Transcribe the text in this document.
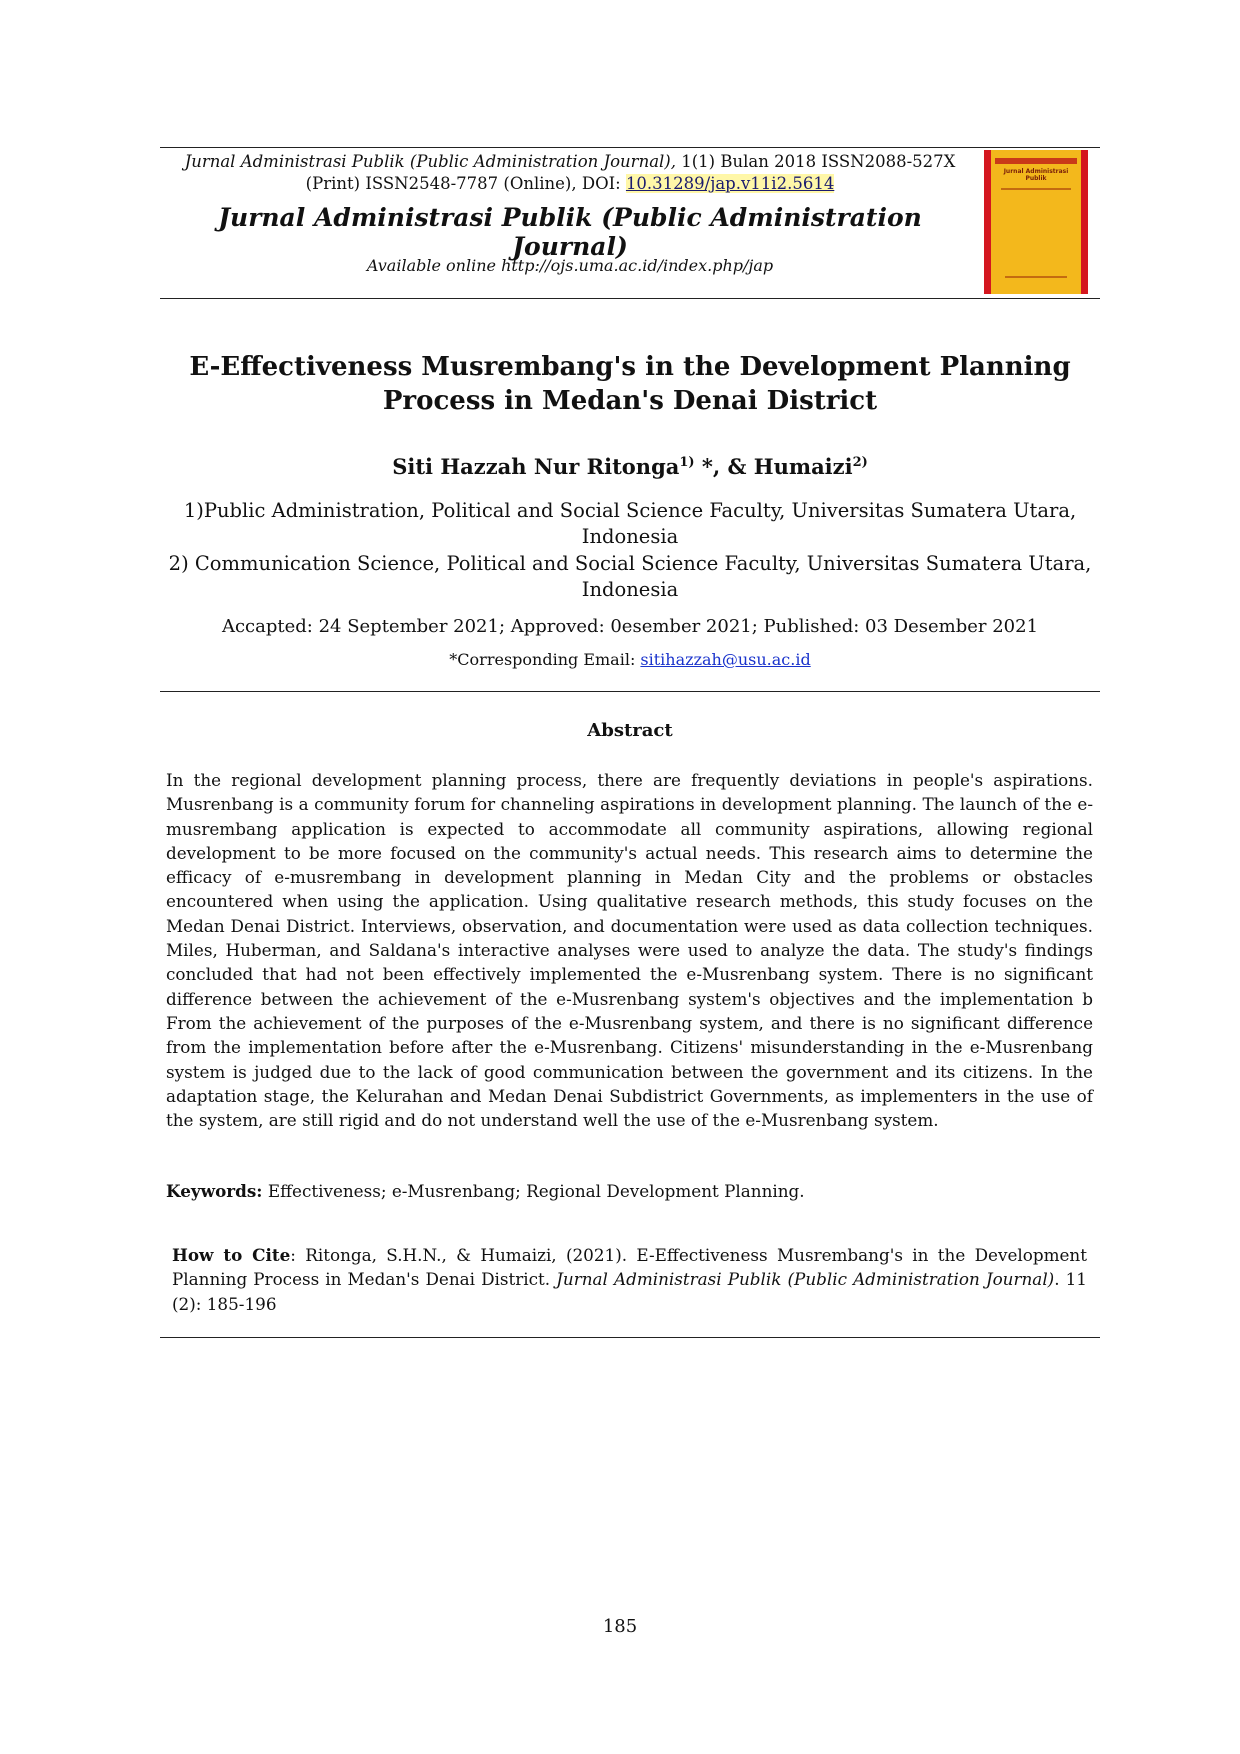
Jurnal Administrasi Publik (Public Administration Journal), 1(1) Bulan 2018 ISSN2088-527X (Print) ISSN2548-7787 (Online), DOI: 10.31289/jap.v11i2.5614
Jurnal Administrasi Publik (Public Administration Journal)
Available online http://ojs.uma.ac.id/index.php/jap
Jurnal Administrasi Publik
E-Effectiveness Musrembang's in the Development Planning Process in Medan's Denai District
Siti Hazzah Nur Ritonga$^{1)}$ *, & Humaizi$^{2)}$
1)Public Administration, Political and Social Science Faculty, Universitas Sumatera Utara, Indonesia
2) Communication Science, Political and Social Science Faculty, Universitas Sumatera Utara, Indonesia
Accapted: 24 September 2021; Approved: 0esember 2021; Published: 03 Desember 2021
*Corresponding Email: sitihazzah@usu.ac.id
Abstract
In the regional development planning process, there are frequently deviations in people's aspirations. Musrenbang is a community forum for channeling aspirations in development planning. The launch of the e-musrembang application is expected to accommodate all community aspirations, allowing regional development to be more focused on the community's actual needs. This research aims to determine the efficacy of e-musrembang in development planning in Medan City and the problems or obstacles encountered when using the application. Using qualitative research methods, this study focuses on the Medan Denai District. Interviews, observation, and documentation were used as data collection techniques. Miles, Huberman, and Saldana's interactive analyses were used to analyze the data. The study's findings concluded that had not been effectively implemented the e-Musrenbang system. There is no significant difference between the achievement of the e-Musrenbang system's objectives and the implementation b From the achievement of the purposes of the e-Musrenbang system, and there is no significant difference from the implementation before after the e-Musrenbang. Citizens' misunderstanding in the e-Musrenbang system is judged due to the lack of good communication between the government and its citizens. In the adaptation stage, the Kelurahan and Medan Denai Subdistrict Governments, as implementers in the use of the system, are still rigid and do not understand well the use of the e-Musrenbang system.
Keywords: Effectiveness; e-Musrenbang; Regional Development Planning.
How to Cite: Ritonga, S.H.N., & Humaizi, (2021). E-Effectiveness Musrembang's in the Development Planning Process in Medan's Denai District. Jurnal Administrasi Publik (Public Administration Journal). 11 (2): 185-196
185
